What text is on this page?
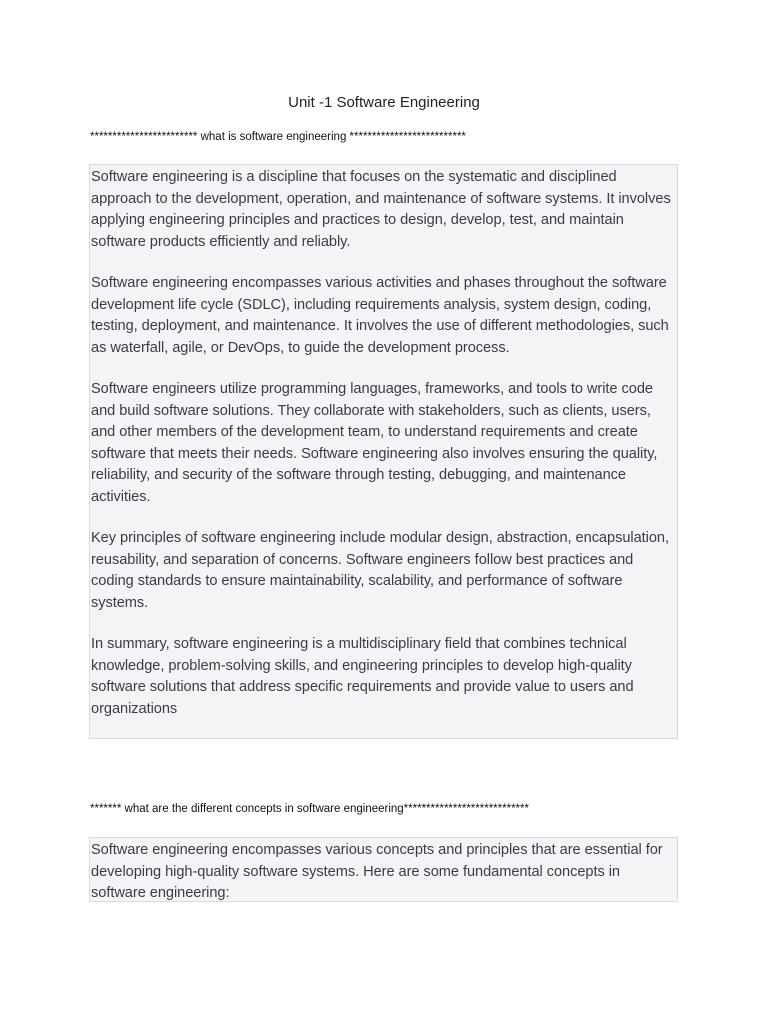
Unit -1 Software Engineering

************************ what is software engineering **************************

Software engineering is a discipline that focuses on the systematic and disciplined approach to the development, operation, and maintenance of software systems. It involves applying engineering principles and practices to design, develop, test, and maintain software products efficiently and reliably.

Software engineering encompasses various activities and phases throughout the software development life cycle (SDLC), including requirements analysis, system design, coding, testing, deployment, and maintenance. It involves the use of different methodologies, such as waterfall, agile, or DevOps, to guide the development process.

Software engineers utilize programming languages, frameworks, and tools to write code and build software solutions. They collaborate with stakeholders, such as clients, users, and other members of the development team, to understand requirements and create software that meets their needs. Software engineering also involves ensuring the quality, reliability, and security of the software through testing, debugging, and maintenance activities.

Key principles of software engineering include modular design, abstraction, encapsulation, reusability, and separation of concerns. Software engineers follow best practices and coding standards to ensure maintainability, scalability, and performance of software systems.

In summary, software engineering is a multidisciplinary field that combines technical knowledge, problem-solving skills, and engineering principles to develop high-quality software solutions that address specific requirements and provide value to users and organizations

******* what are the different concepts in software engineering****************************

Software engineering encompasses various concepts and principles that are essential for developing high-quality software systems. Here are some fundamental concepts in software engineering:
